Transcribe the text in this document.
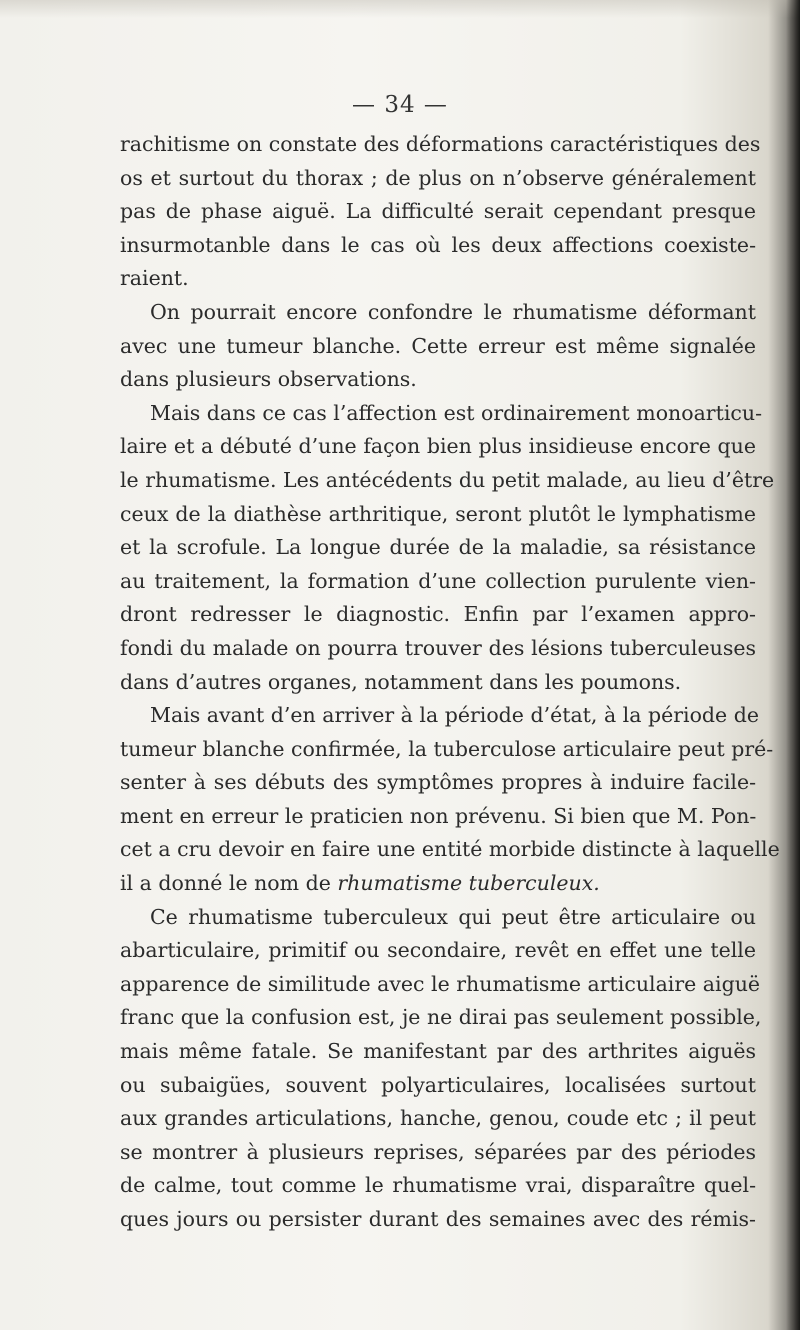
— 34 —
rachitisme on constate des déformations caractéristiques des
os et surtout du thorax ; de plus on n’observe généralement
pas de phase aiguë. La difficulté serait cependant presque
insurmotanble dans le cas où les deux affections coexiste-
raient.
On pourrait encore confondre le rhumatisme déformant
avec une tumeur blanche. Cette erreur est même signalée
dans plusieurs observations.
Mais dans ce cas l’affection est ordinairement monoarticu-
laire et a débuté d’une façon bien plus insidieuse encore que
le rhumatisme. Les antécédents du petit malade, au lieu d’être
ceux de la diathèse arthritique, seront plutôt le lymphatisme
et la scrofule. La longue durée de la maladie, sa résistance
au traitement, la formation d’une collection purulente vien-
dront redresser le diagnostic. Enfin par l’examen appro-
fondi du malade on pourra trouver des lésions tuberculeuses
dans d’autres organes, notamment dans les poumons.
Mais avant d’en arriver à la période d’état, à la période de
tumeur blanche confirmée, la tuberculose articulaire peut pré-
senter à ses débuts des symptômes propres à induire facile-
ment en erreur le praticien non prévenu. Si bien que M. Pon-
cet a cru devoir en faire une entité morbide distincte à laquelle
il a donné le nom de rhumatisme tuberculeux.
Ce rhumatisme tuberculeux qui peut être articulaire ou
abarticulaire, primitif ou secondaire, revêt en effet une telle
apparence de similitude avec le rhumatisme articulaire aiguë
franc que la confusion est, je ne dirai pas seulement possible,
mais même fatale. Se manifestant par des arthrites aiguës
ou subaigües, souvent polyarticulaires, localisées surtout
aux grandes articulations, hanche, genou, coude etc ; il peut
se montrer à plusieurs reprises, séparées par des périodes
de calme, tout comme le rhumatisme vrai, disparaître quel-
ques jours ou persister durant des semaines avec des rémis-
